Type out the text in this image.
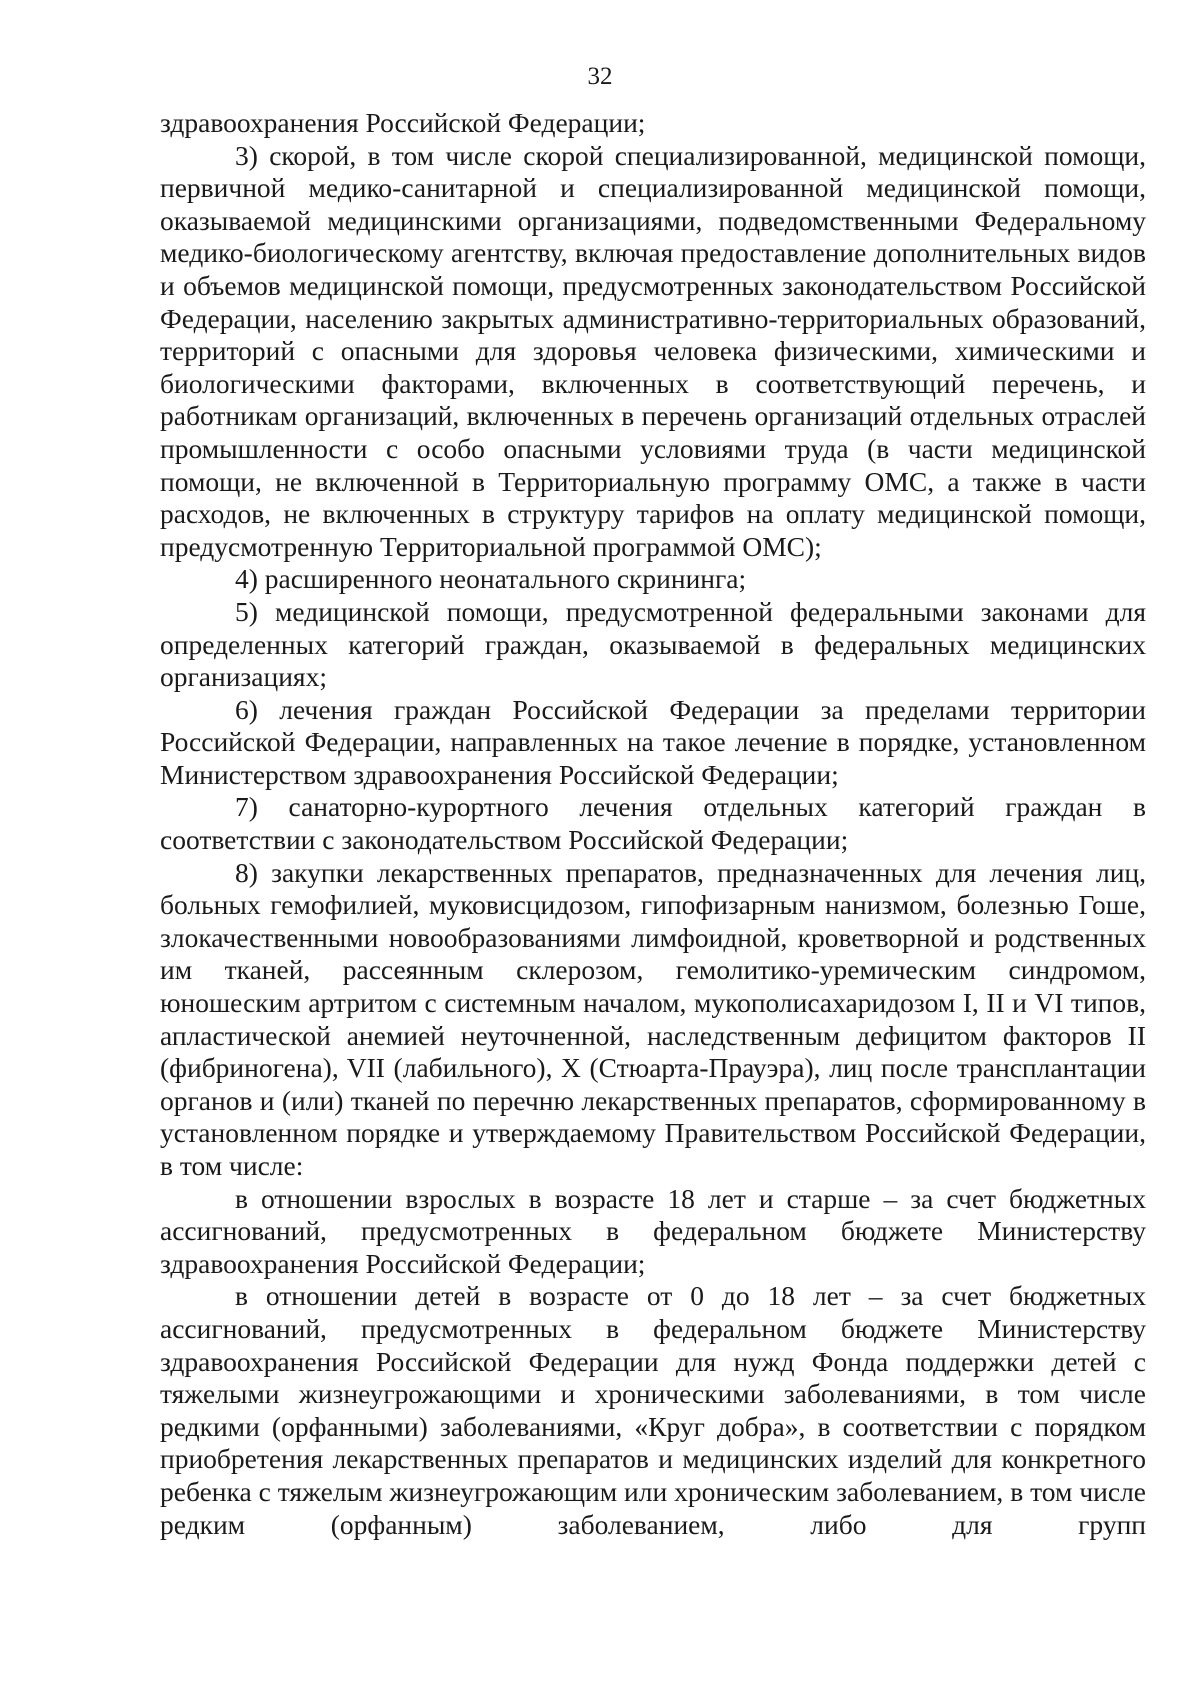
32

здравоохранения Российской Федерации;

3) скорой, в том числе скорой специализированной, медицинской помощи, первичной медико-санитарной и специализированной медицинской помощи, оказываемой медицинскими организациями, подведомственными Федеральному медико-биологическому агентству, включая предоставление дополнительных видов и объемов медицинской помощи, предусмотренных законодательством Российской Федерации, населению закрытых административно-территориальных образований, территорий с опасными для здоровья человека физическими, химическими и биологическими факторами, включенных в соответствующий перечень, и работникам организаций, включенных в перечень организаций отдельных отраслей промышленности с особо опасными условиями труда (в части медицинской помощи, не включенной в Территориальную программу ОМС, а также в части расходов, не включенных в структуру тарифов на оплату медицинской помощи, предусмотренную Территориальной программой ОМС);

4) расширенного неонатального скрининга;

5) медицинской помощи, предусмотренной федеральными законами для определенных категорий граждан, оказываемой в федеральных медицинских организациях;

6) лечения граждан Российской Федерации за пределами территории Российской Федерации, направленных на такое лечение в порядке, установленном Министерством здравоохранения Российской Федерации;

7) санаторно-курортного лечения отдельных категорий граждан в соответствии с законодательством Российской Федерации;

8) закупки лекарственных препаратов, предназначенных для лечения лиц, больных гемофилией, муковисцидозом, гипофизарным нанизмом, болезнью Гоше, злокачественными новообразованиями лимфоидной, кроветворной и родственных им тканей, рассеянным склерозом, гемолитико-уремическим синдромом, юношеским артритом с системным началом, мукополисахаридозом I, II и VI типов, апластической анемией неуточненной, наследственным дефицитом факторов II (фибриногена), VII (лабильного), X (Стюарта-Прауэра), лиц после трансплантации органов и (или) тканей по перечню лекарственных препаратов, сформированному в установленном порядке и утверждаемому Правительством Российской Федерации, в том числе:

в отношении взрослых в возрасте 18 лет и старше – за счет бюджетных ассигнований, предусмотренных в федеральном бюджете Министерству здравоохранения Российской Федерации;

в отношении детей в возрасте от 0 до 18 лет – за счет бюджетных ассигнований, предусмотренных в федеральном бюджете Министерству здравоохранения Российской Федерации для нужд Фонда поддержки детей с тяжелыми жизнеугрожающими и хроническими заболеваниями, в том числе редкими (орфанными) заболеваниями, «Круг добра», в соответствии с порядком приобретения лекарственных препаратов и медицинских изделий для конкретного ребенка с тяжелым жизнеугрожающим или хроническим заболеванием, в том числе редким (орфанным) заболеванием, либо для групп
